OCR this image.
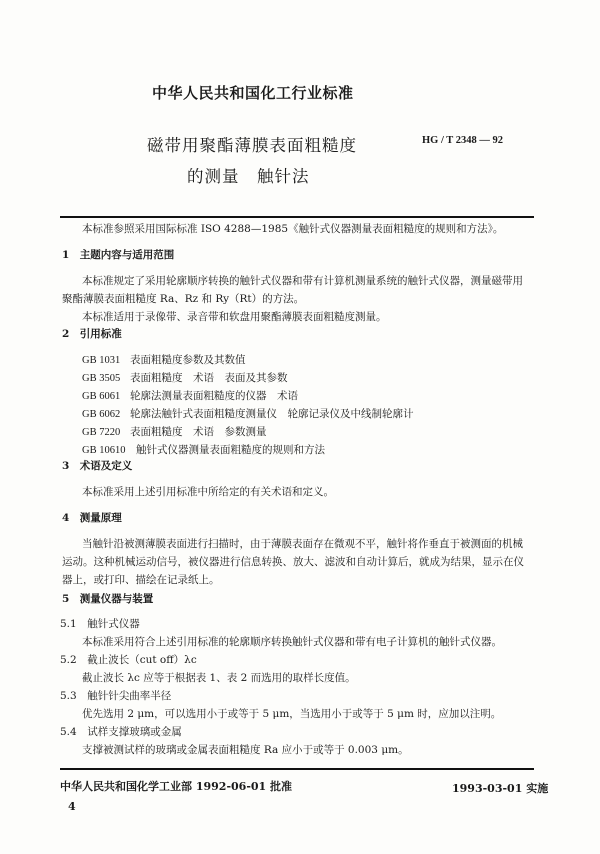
中华人民共和国化工行业标准
磁带用聚酯薄膜表面粗糙度
的测量　触针法
HG / T 2348 — 92
本标准参照采用国际标准 ISO 4288—1985《触针式仪器测量表面粗糙度的规则和方法》。
1　主题内容与适用范围
本标准规定了采用轮廓顺序转换的触针式仪器和带有计算机测量系统的触针式仪器，测量磁带用
聚酯薄膜表面粗糙度 Ra、Rz 和 Ry（Rt）的方法。
本标准适用于录像带、录音带和软盘用聚酯薄膜表面粗糙度测量。
2　引用标准
GB 1031 表面粗糙度参数及其数值
GB 3505 表面粗糙度　术语　表面及其参数
GB 6061 轮廓法测量表面粗糙度的仪器　术语
GB 6062 轮廓法触针式表面粗糙度测量仪　轮廓记录仪及中线制轮廓计
GB 7220 表面粗糙度　术语　参数测量
GB 10610 触针式仪器测量表面粗糙度的规则和方法
3　术语及定义
本标准采用上述引用标准中所给定的有关术语和定义。
4　测量原理
当触针沿被测薄膜表面进行扫描时，由于薄膜表面存在微观不平，触针将作垂直于被测面的机械
运动。这种机械运动信号，被仪器进行信息转换、放大、滤波和自动计算后，就成为结果，显示在仪
器上，或打印、描绘在记录纸上。
5　测量仪器与装置
5.1　 触针式仪器
本标准采用符合上述引用标准的轮廓顺序转换触针式仪器和带有电子计算机的触针式仪器。
5.2　 截止波长（cut off）λc
截止波长 λc 应等于根据表 1、表 2 而选用的取样长度值。
5.3　 触针针尖曲率半径
优先选用 2 μm，可以选用小于或等于 5 μm，当选用小于或等于 5 μm 时，应加以注明。
5.4　 试样支撑玻璃或金属
支撑被测试样的玻璃或金属表面粗糙度 Ra 应小于或等于 0.003 μm。
中华人民共和国化学工业部 1992-06-01 批准	1993-03-01 实施
4
